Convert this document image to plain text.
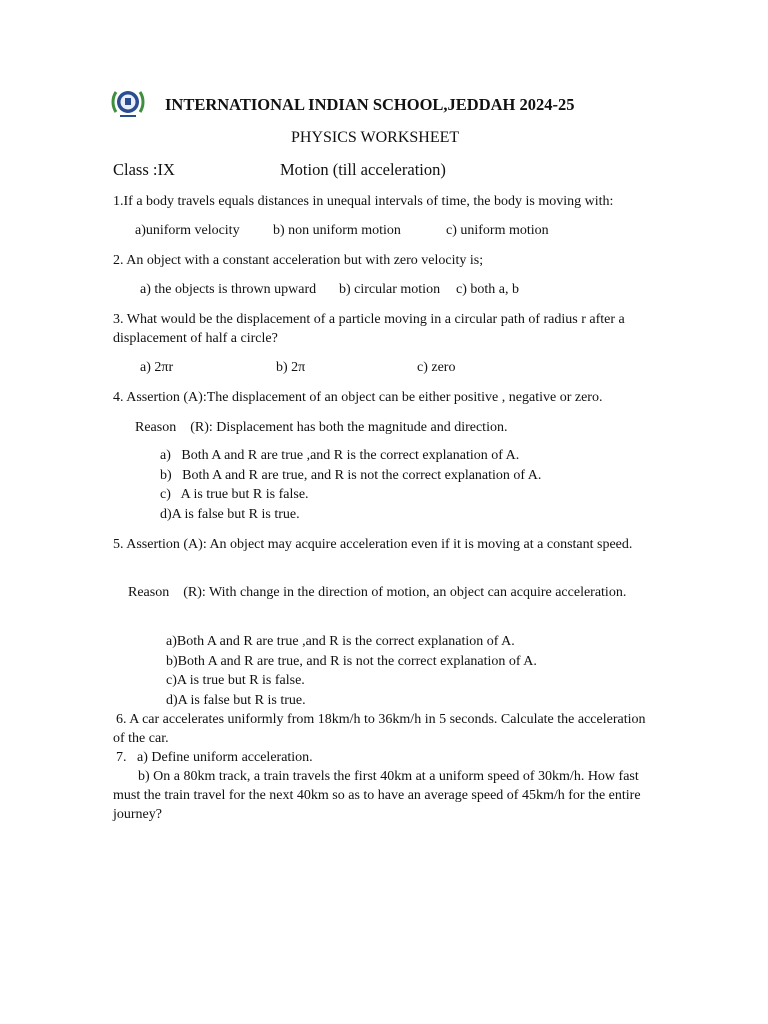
INTERNATIONAL INDIAN SCHOOL,JEDDAH 2024-25
PHYSICS WORKSHEET
Class :IX	Motion (till acceleration)
1.If a body travels equals distances in unequal intervals of time, the body is moving with:
a)uniform velocity b) non uniform motion	c) uniform motion
2. An object with a constant acceleration but with zero velocity is;
a) the objects is thrown upward b) circular motion c) both a, b
3. What would be the displacement of a particle moving in a circular path of radius r after a displacement of half a circle?
a) 2πr	b) 2π	c) zero
4. Assertion (A):The displacement of an object can be either positive , negative or zero.
Reason    (R): Displacement has both the magnitude and direction.
a)   Both A and R are true ,and R is the correct explanation of A.
b)   Both A and R are true, and R is not the correct explanation of A.
c)   A is true but R is false.
d)A is false but R is true.
5. Assertion (A): An object may acquire acceleration even if it is moving at a constant speed.
Reason    (R): With change in the direction of motion, an object can acquire acceleration.
a)Both A and R are true ,and R is the correct explanation of A.
b)Both A and R are true, and R is not the correct explanation of A.
c)A is true but R is false.
d)A is false but R is true.
6. A car accelerates uniformly from 18km/h to 36km/h in 5 seconds. Calculate the acceleration of the car.
7.   a) Define uniform acceleration.
b) On a 80km track, a train travels the first 40km at a uniform speed of 30km/h. How fast must the train travel for the next 40km so as to have an average speed of 45km/h for the entire journey?
